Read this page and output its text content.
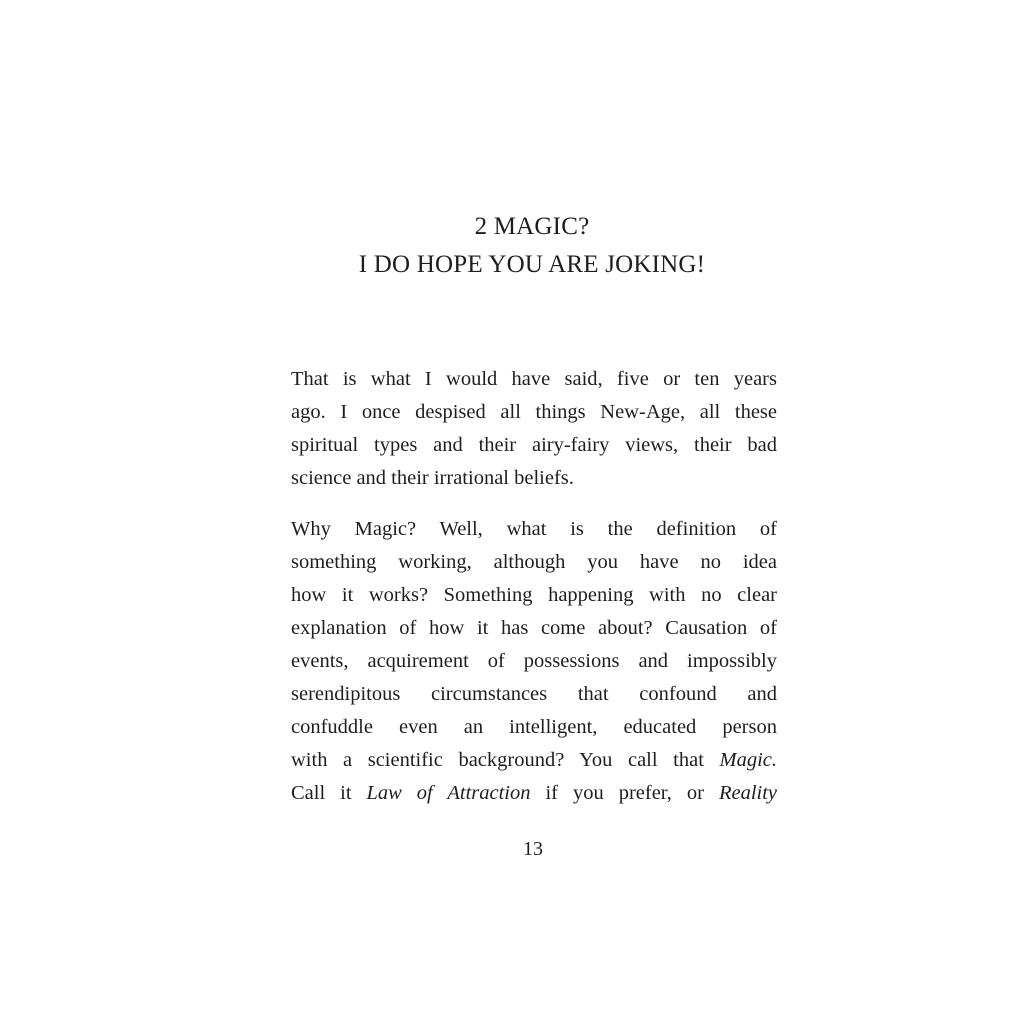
2 MAGIC?
I DO HOPE YOU ARE JOKING!
That is what I would have said, five or ten years
ago. I once despised all things New-Age, all these
spiritual types and their airy-fairy views, their bad
science and their irrational beliefs.
Why Magic? Well, what is the definition of
something working, although you have no idea
how it works? Something happening with no clear
explanation of how it has come about? Causation of
events, acquirement of possessions and impossibly
serendipitous circumstances that confound and
confuddle even an intelligent, educated person
with a scientific background? You call that Magic.
Call it Law of Attraction if you prefer, or Reality
13
